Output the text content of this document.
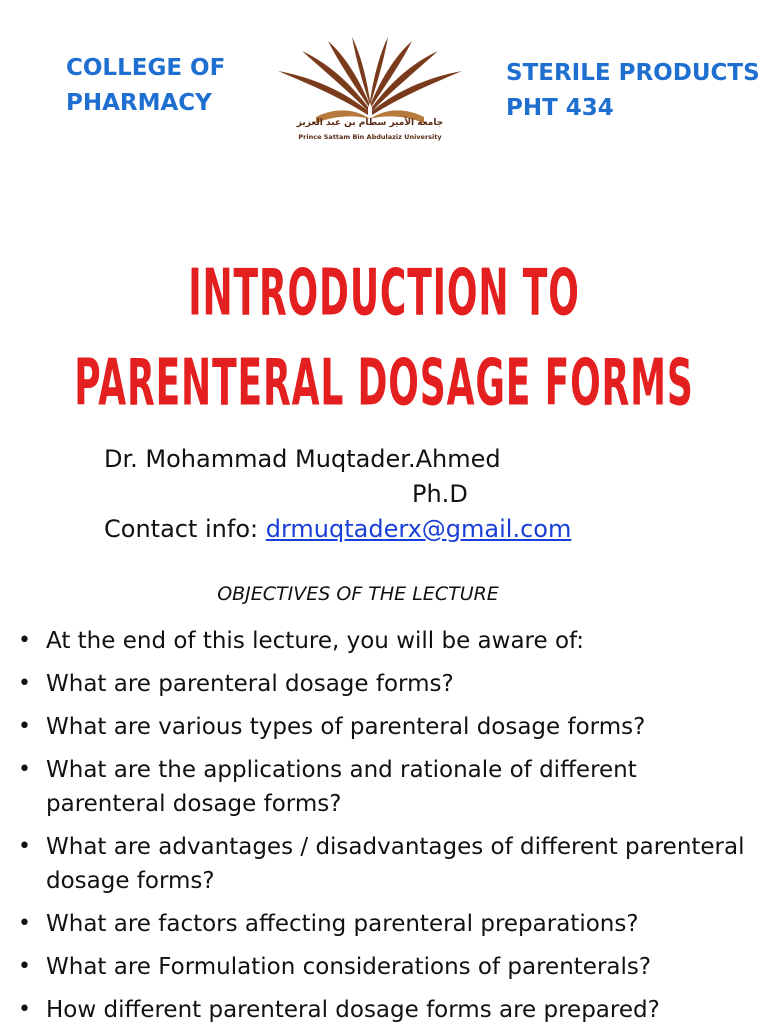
COLLEGE OF
PHARMACY
جامعة الأمير سطام بن عبد العزيز
Prince Sattam Bin Abdulaziz University
STERILE PRODUCTS
PHT 434
INTRODUCTION TO
PARENTERAL DOSAGE FORMS
Dr. Mohammad Muqtader.Ahmed
Ph.D
Contact info: drmuqtaderx@gmail.com
OBJECTIVES OF THE LECTURE
• At the end of this lecture, you will be aware of:
• What are parenteral dosage forms?
• What are various types of parenteral dosage forms?
• What are the applications and rationale of different parenteral dosage forms?
• What are advantages / disadvantages of different parenteral dosage forms?
• What are factors affecting parenteral preparations?
• What are Formulation considerations of parenterals?
• How different parenteral dosage forms are prepared?
